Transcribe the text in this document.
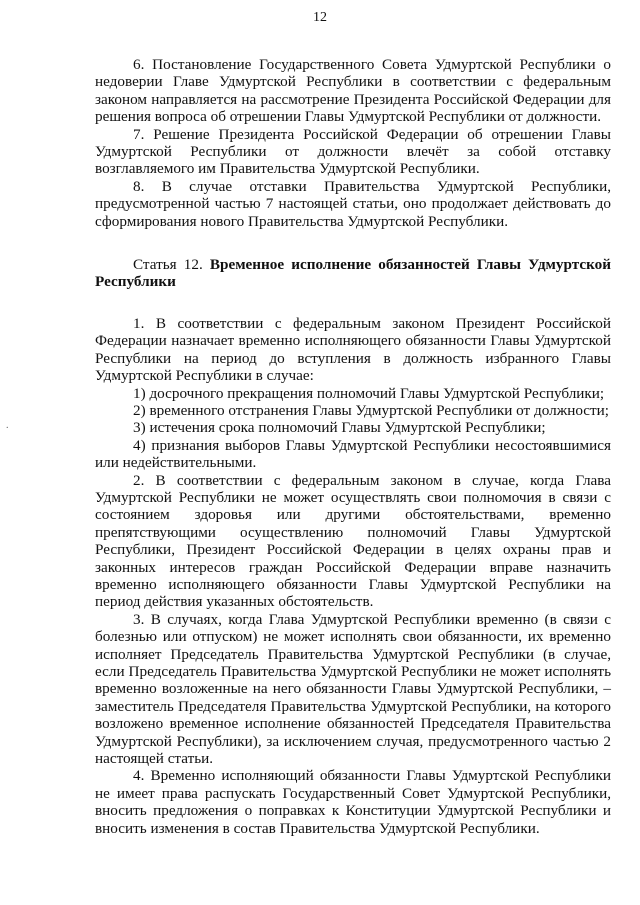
12
.

6. Постановление Государственного Совета Удмуртской Республики о недоверии Главе Удмуртской Республики в соответствии с федеральным законом направляется на рассмотрение Президента Российской Федерации для решения вопроса об отрешении Главы Удмуртской Республики от должности.

7. Решение Президента Российской Федерации об отрешении Главы Удмуртской Республики от должности влечёт за собой отставку возглавляемого им Правительства Удмуртской Республики.

8. В случае отставки Правительства Удмуртской Республики, предусмотренной частью 7 настоящей статьи, оно продолжает действовать до сформирования нового Правительства Удмуртской Республики.

Статья 12. Временное исполнение обязанностей Главы Удмуртской Республики

1. В соответствии с федеральным законом Президент Российской Федерации назначает временно исполняющего обязанности Главы Удмуртской Республики на период до вступления в должность избранного Главы Удмуртской Республики в случае:

1) досрочного прекращения полномочий Главы Удмуртской Республики;

2) временного отстранения Главы Удмуртской Республики от должности;

3) истечения срока полномочий Главы Удмуртской Республики;

4) признания выборов Главы Удмуртской Республики несостоявшимися или недействительными.

2. В соответствии с федеральным законом в случае, когда Глава Удмуртской Республики не может осуществлять свои полномочия в связи с состоянием здоровья или другими обстоятельствами, временно препятствующими осуществлению полномочий Главы Удмуртской Республики, Президент Российской Федерации в целях охраны прав и законных интересов граждан Российской Федерации вправе назначить временно исполняющего обязанности Главы Удмуртской Республики на период действия указанных обстоятельств.

3. В случаях, когда Глава Удмуртской Республики временно (в связи с болезнью или отпуском) не может исполнять свои обязанности, их временно исполняет Председатель Правительства Удмуртской Республики (в случае, если Председатель Правительства Удмуртской Республики не может исполнять временно возложенные на него обязанности Главы Удмуртской Республики, – заместитель Председателя Правительства Удмуртской Республики, на которого возложено временное исполнение обязанностей Председателя Правительства Удмуртской Республики), за исключением случая, предусмотренного частью 2 настоящей статьи.

4. Временно исполняющий обязанности Главы Удмуртской Республики не имеет права распускать Государственный Совет Удмуртской Республики, вносить предложения о поправках к Конституции Удмуртской Республики и вносить изменения в состав Правительства Удмуртской Республики.
